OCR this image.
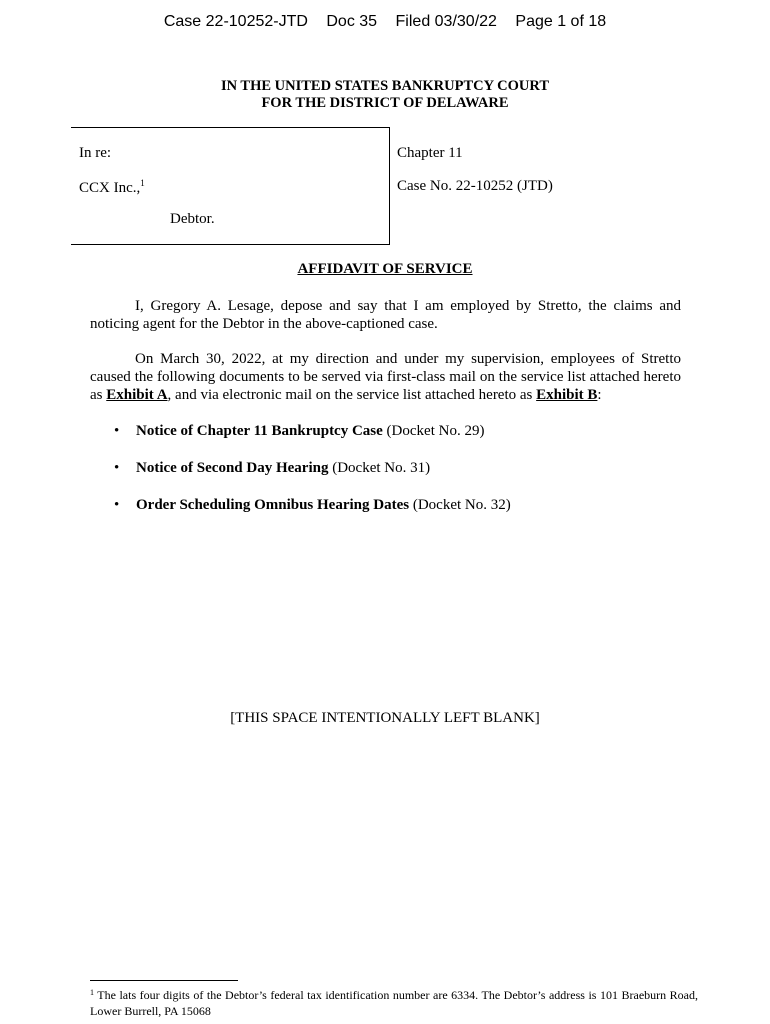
Case 22-10252-JTD Doc 35 Filed 03/30/22 Page 1 of 18
IN THE UNITED STATES BANKRUPTCY COURT
FOR THE DISTRICT OF DELAWARE
In re:
CCX Inc.,$^1$
Debtor.
Chapter 11
Case No. 22-10252 (JTD)
AFFIDAVIT OF SERVICE
I, Gregory A. Lesage, depose and say that I am employed by Stretto, the claims and noticing agent for the Debtor in the above-captioned case.
On March 30, 2022, at my direction and under my supervision, employees of Stretto caused the following documents to be served via first-class mail on the service list attached hereto as Exhibit A, and via electronic mail on the service list attached hereto as Exhibit B:
• Notice of Chapter 11 Bankruptcy Case (Docket No. 29)
• Notice of Second Day Hearing (Docket No. 31)
• Order Scheduling Omnibus Hearing Dates (Docket No. 32)
[THIS SPACE INTENTIONALLY LEFT BLANK]
$^1$ The lats four digits of the Debtor’s federal tax identification number are 6334. The Debtor’s address is 101 Braeburn Road, Lower Burrell, PA 15068
